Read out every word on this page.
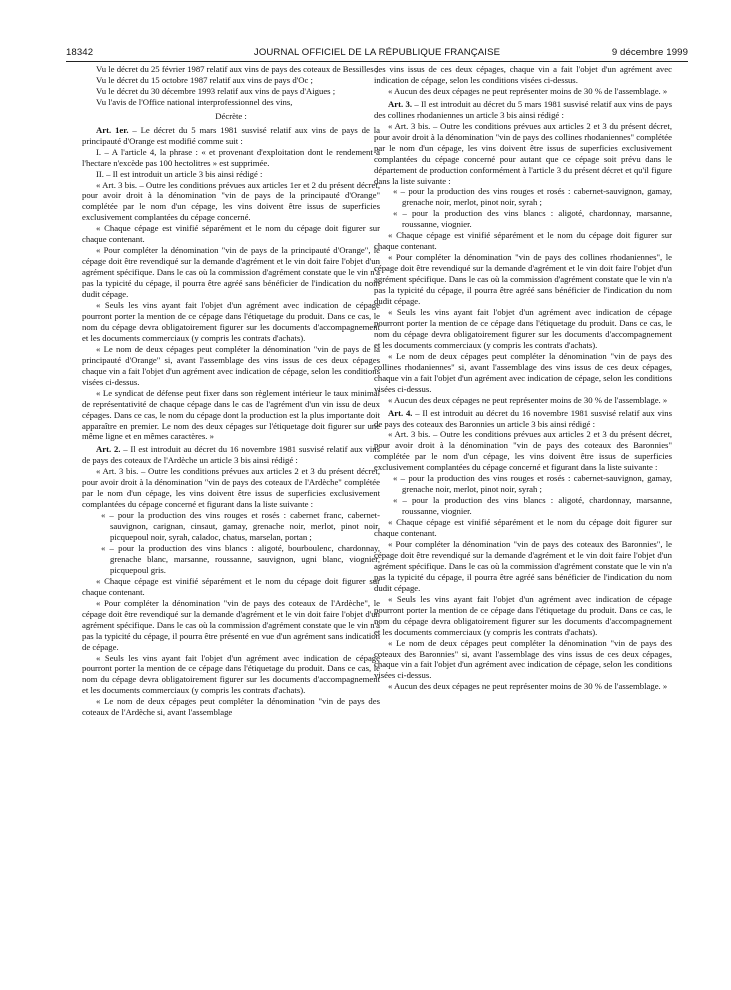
18342	JOURNAL OFFICIEL DE LA RÉPUBLIQUE FRANÇAISE	9 décembre 1999

Vu le décret du 25 février 1987 relatif aux vins de pays des coteaux de Bessilles ;

Vu le décret du 15 octobre 1987 relatif aux vins de pays d'Oc ;

Vu le décret du 30 décembre 1993 relatif aux vins de pays d'Aigues ;

Vu l'avis de l'Office national interprofessionnel des vins,

Décrète :

Art. 1er. – Le décret du 5 mars 1981 susvisé relatif aux vins de pays de la principauté d'Orange est modifié comme suit :

I. – A l'article 4, la phrase : « et provenant d'exploitation dont le rendement à l'hectare n'excède pas 100 hectolitres » est supprimée.

II. – Il est introduit un article 3 bis ainsi rédigé :

« Art. 3 bis. – Outre les conditions prévues aux articles 1er et 2 du présent décret, pour avoir droit à la dénomination "vin de pays de la principauté d'Orange" complétée par le nom d'un cépage, les vins doivent être issus de superficies exclusivement complantées du cépage concerné.

« Chaque cépage est vinifié séparément et le nom du cépage doit figurer sur chaque contenant.

« Pour compléter la dénomination "vin de pays de la principauté d'Orange", le cépage doit être revendiqué sur la demande d'agrément et le vin doit faire l'objet d'un agrément spécifique. Dans le cas où la commission d'agrément constate que le vin n'a pas la typicité du cépage, il pourra être agréé sans bénéficier de l'indication du nom dudit cépage.

« Seuls les vins ayant fait l'objet d'un agrément avec indication de cépage pourront porter la mention de ce cépage dans l'étiquetage du produit. Dans ce cas, le nom du cépage devra obligatoirement figurer sur les documents d'accompagnement et les documents commerciaux (y compris les contrats d'achats).

« Le nom de deux cépages peut compléter la dénomination "vin de pays de la principauté d'Orange" si, avant l'assemblage des vins issus de ces deux cépages chaque vin a fait l'objet d'un agrément avec indication de cépage, selon les conditions visées ci-dessus.

« Le syndicat de défense peut fixer dans son règlement intérieur le taux minimal de représentativité de chaque cépage dans le cas de l'agrément d'un vin issu de deux cépages. Dans ce cas, le nom du cépage dont la production est la plus importante doit apparaître en premier. Le nom des deux cépages sur l'étiquetage doit figurer sur une même ligne et en mêmes caractères. »

Art. 2. – Il est introduit au décret du 16 novembre 1981 susvisé relatif aux vins de pays des coteaux de l'Ardèche un article 3 bis ainsi rédigé :

« Art. 3 bis. – Outre les conditions prévues aux articles 2 et 3 du présent décret, pour avoir droit à la dénomination "vin de pays des coteaux de l'Ardèche" complétée par le nom d'un cépage, les vins doivent être issus de superficies exclusivement complantées du cépage concerné et figurant dans la liste suivante :

« – pour la production des vins rouges et rosés : cabernet franc, cabernet-sauvignon, carignan, cinsaut, gamay, grenache noir, merlot, pinot noir, picquepoul noir, syrah, caladoc, chatus, marselan, portan ;

« – pour la production des vins blancs : aligoté, bourboulenc, chardonnay, grenache blanc, marsanne, roussanne, sauvignon, ugni blanc, viognier, picquepoul gris.

« Chaque cépage est vinifié séparément et le nom du cépage doit figurer sur chaque contenant.

« Pour compléter la dénomination "vin de pays des coteaux de l'Ardèche", le cépage doit être revendiqué sur la demande d'agrément et le vin doit faire l'objet d'un agrément spécifique. Dans le cas où la commission d'agrément constate que le vin n'a pas la typicité du cépage, il pourra être présenté en vue d'un agrément sans indication de cépage.

« Seuls les vins ayant fait l'objet d'un agrément avec indication de cépage pourront porter la mention de ce cépage dans l'étiquetage du produit. Dans ce cas, le nom du cépage devra obligatoirement figurer sur les documents d'accompagnement et les documents commerciaux (y compris les contrats d'achats).

« Le nom de deux cépages peut compléter la dénomination "vin de pays des coteaux de l'Ardèche si, avant l'assemblage

des vins issus de ces deux cépages, chaque vin a fait l'objet d'un agrément avec indication de cépage, selon les conditions visées ci-dessus.

« Aucun des deux cépages ne peut représenter moins de 30 % de l'assemblage. »

Art. 3. – Il est introduit au décret du 5 mars 1981 susvisé relatif aux vins de pays des collines rhodaniennes un article 3 bis ainsi rédigé :

« Art. 3 bis. – Outre les conditions prévues aux articles 2 et 3 du présent décret, pour avoir droit à la dénomination "vin de pays des collines rhodaniennes" complétée par le nom d'un cépage, les vins doivent être issus de superficies exclusivement complantées du cépage concerné pour autant que ce cépage soit prévu dans le département de production conformément à l'article 3 du présent décret et qu'il figure dans la liste suivante :

« – pour la production des vins rouges et rosés : cabernet-sauvignon, gamay, grenache noir, merlot, pinot noir, syrah ;

« – pour la production des vins blancs : aligoté, chardonnay, marsanne, roussanne, viognier.

« Chaque cépage est vinifié séparément et le nom du cépage doit figurer sur chaque contenant.

« Pour compléter la dénomination "vin de pays des collines rhodaniennes", le cépage doit être revendiqué sur la demande d'agrément et le vin doit faire l'objet d'un agrément spécifique. Dans le cas où la commission d'agrément constate que le vin n'a pas la typicité du cépage, il pourra être agréé sans bénéficier de l'indication du nom dudit cépage.

« Seuls les vins ayant fait l'objet d'un agrément avec indication de cépage pourront porter la mention de ce cépage dans l'étiquetage du produit. Dans ce cas, le nom du cépage devra obligatoirement figurer sur les documents d'accompagnement et les documents commerciaux (y compris les contrats d'achats).

« Le nom de deux cépages peut compléter la dénomination "vin de pays des collines rhodaniennes" si, avant l'assemblage des vins issus de ces deux cépages, chaque vin a fait l'objet d'un agrément avec indication de cépage, selon les conditions visées ci-dessus.

« Aucun des deux cépages ne peut représenter moins de 30 % de l'assemblage. »

Art. 4. – Il est introduit au décret du 16 novembre 1981 susvisé relatif aux vins de pays des coteaux des Baronnies un article 3 bis ainsi rédigé :

« Art. 3 bis. – Outre les conditions prévues aux articles 2 et 3 du présent décret, pour avoir droit à la dénomination "vin de pays des coteaux des Baronnies" complétée par le nom d'un cépage, les vins doivent être issus de superficies exclusivement complantées du cépage concerné et figurant dans la liste suivante :

« – pour la production des vins rouges et rosés : cabernet-sauvignon, gamay, grenache noir, merlot, pinot noir, syrah ;

« – pour la production des vins blancs : aligoté, chardonnay, marsanne, roussanne, viognier.

« Chaque cépage est vinifié séparément et le nom du cépage doit figurer sur chaque contenant.

« Pour compléter la dénomination "vin de pays des coteaux des Baronnies", le cépage doit être revendiqué sur la demande d'agrément et le vin doit faire l'objet d'un agrément spécifique. Dans le cas où la commission d'agrément constate que le vin n'a pas la typicité du cépage, il pourra être agréé sans bénéficier de l'indication du nom dudit cépage.

« Seuls les vins ayant fait l'objet d'un agrément avec indication de cépage pourront porter la mention de ce cépage dans l'étiquetage du produit. Dans ce cas, le nom du cépage devra obligatoirement figurer sur les documents d'accompagnement et les documents commerciaux (y compris les contrats d'achats).

« Le nom de deux cépages peut compléter la dénomination "vin de pays des coteaux des Baronnies" si, avant l'assemblage des vins issus de ces deux cépages, chaque vin a fait l'objet d'un agrément avec indication de cépage, selon les conditions visées ci-dessus.

« Aucun des deux cépages ne peut représenter moins de 30 % de l'assemblage. »
